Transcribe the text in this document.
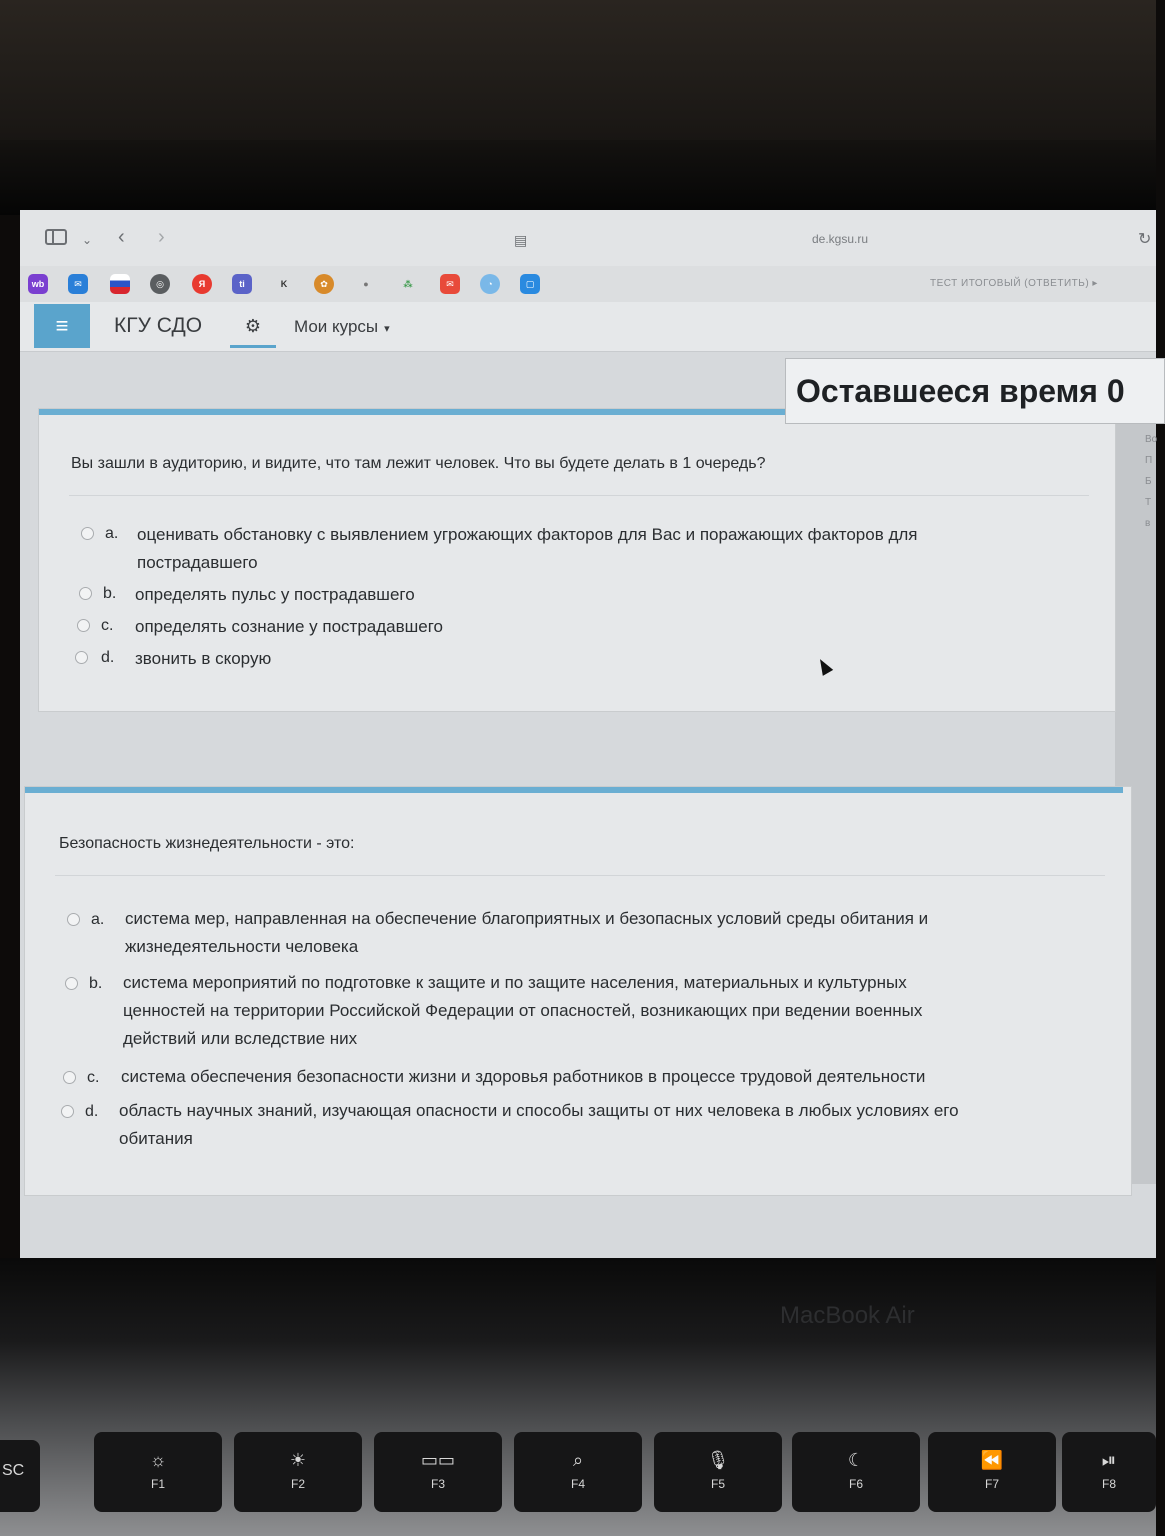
⌄ ‹ ›	▤	de.kgsu.ru	↻
wb	✉	◎	Я	ti	K	✿	●	⁂	✉	◔	▢	ТЕСТ ИТОГОВЫЙ (ОТВЕТИТЬ) ▸
≡	КГУ СДО	⚙	Мои курсы ▾
Во
П
Б
Т
в
Вы зашли в аудиторию, и видите, что там лежит человек. Что вы будете делать в 1 очередь?
a. оценивать обстановку с выявлением угрожающих факторов для Вас и поражающих факторов для
пострадавшего
b. определять пульс у пострадавшего
c. определять сознание у пострадавшего
d. звонить в скорую
Оставшееся время 0
Безопасность жизнедеятельности - это:
a. система мер, направленная на обеспечение благоприятных и безопасных условий среды обитания и
жизнедеятельности человека
b. система мероприятий по подготовке к защите и по защите населения, материальных и культурных
ценностей на территории Российской Федерации от опасностей, возникающих при ведении военных
действий или вследствие них
c. система обеспечения безопасности жизни и здоровья работников в процессе трудовой деятельности
d. область научных знаний, изучающая опасности и способы защиты от них человека в любых условиях его
обитания
MacBook Air
SC
☼
F1
☀
F2
▭▭
F3
⌕
F4
🎙
F5
☾
F6
⏪
F7
⏯
F8
